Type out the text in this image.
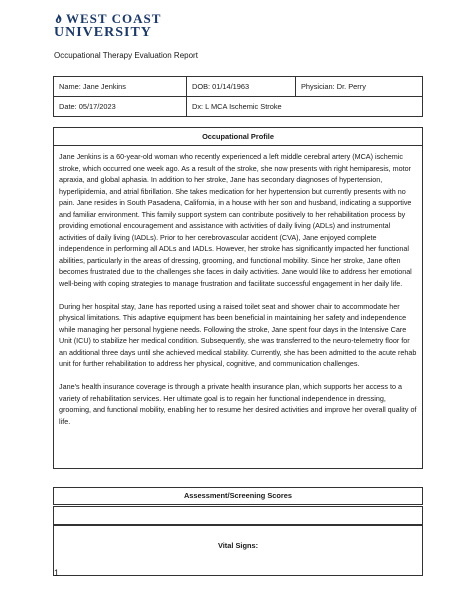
WEST COAST
UNIVERSITY
Occupational Therapy Evaluation Report
Name: Jane Jenkins	DOB: 01/14/1963	Physician: Dr. Perry
Date: 05/17/2023	Dx: L MCA Ischemic Stroke	
Occupational Profile

Jane Jenkins is a 60-year-old woman who recently experienced a left middle cerebral artery (MCA) ischemic stroke, which occurred one week ago. As a result of the stroke, she now presents with right hemiparesis, motor apraxia, and global aphasia. In addition to her stroke, Jane has secondary diagnoses of hypertension, hyperlipidemia, and atrial fibrillation. She takes medication for her hypertension but currently presents with no pain. Jane resides in South Pasadena, California, in a house with her son and husband, indicating a supportive and familiar environment. This family support system can contribute positively to her rehabilitation process by providing emotional encouragement and assistance with activities of daily living (ADLs) and instrumental activities of daily living (IADLs). Prior to her cerebrovascular accident (CVA), Jane enjoyed complete independence in performing all ADLs and IADLs. However, her stroke has significantly impacted her functional abilities, particularly in the areas of dressing, grooming, and functional mobility. Since her stroke, Jane often becomes frustrated due to the challenges she faces in daily activities. Jane would like to address her emotional well-being with coping strategies to manage frustration and facilitate successful engagement in her daily life.

During her hospital stay, Jane has reported using a raised toilet seat and shower chair to accommodate her physical limitations. This adaptive equipment has been beneficial in maintaining her safety and independence while managing her personal hygiene needs. Following the stroke, Jane spent four days in the Intensive Care Unit (ICU) to stabilize her medical condition. Subsequently, she was transferred to the neuro-telemetry floor for an additional three days until she achieved medical stability. Currently, she has been admitted to the acute rehab unit for further rehabilitation to address her physical, cognitive, and communication challenges.

Jane's health insurance coverage is through a private health insurance plan, which supports her access to a variety of rehabilitation services. Her ultimate goal is to regain her functional independence in dressing, grooming, and functional mobility, enabling her to resume her desired activities and improve her overall quality of life.

Assessment/Screening Scores
Vital Signs:
1
